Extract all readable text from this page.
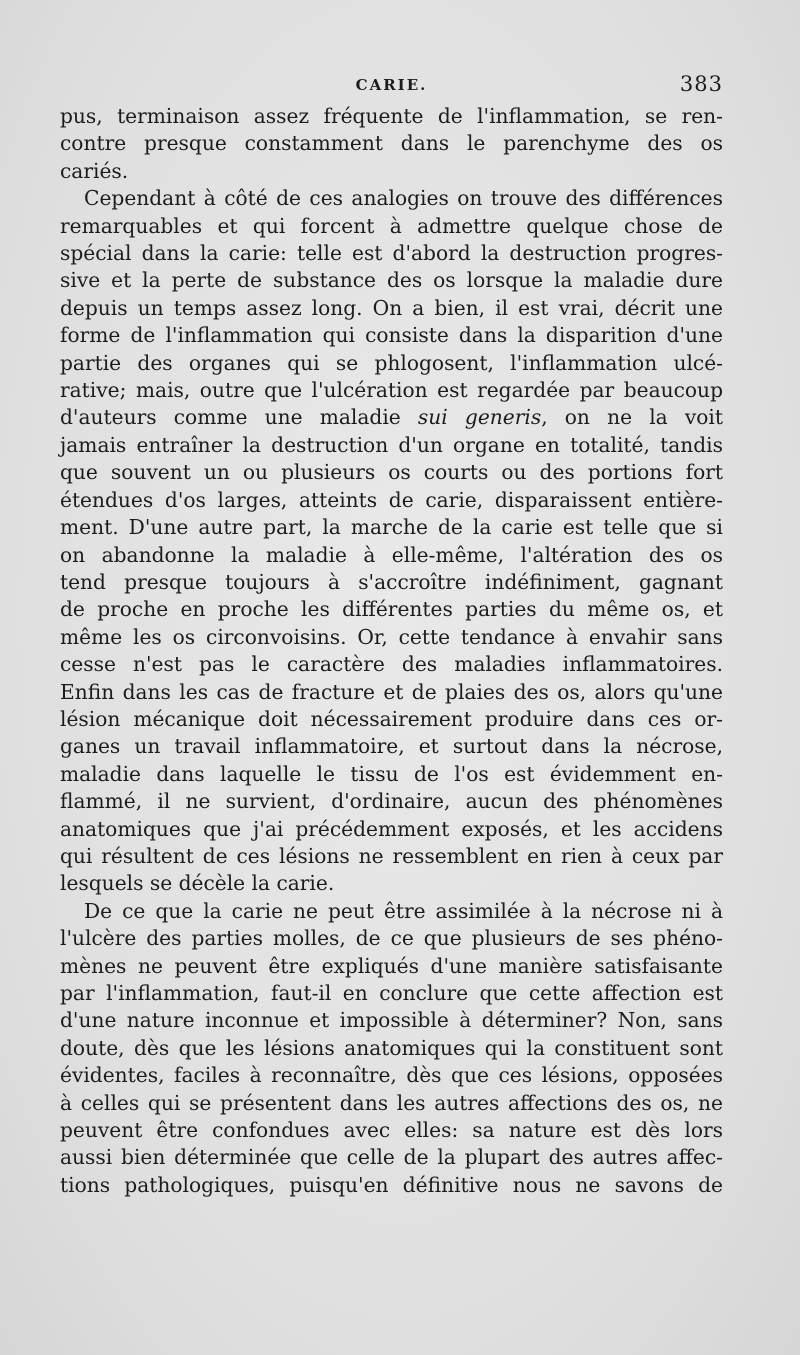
CARIE.	383

pus, terminaison assez fréquente de l'inflammation, se ren-
contre presque constamment dans le parenchyme des os
cariés.

Cependant à côté de ces analogies on trouve des différences
remarquables et qui forcent à admettre quelque chose de
spécial dans la carie: telle est d'abord la destruction progres-
sive et la perte de substance des os lorsque la maladie dure
depuis un temps assez long. On a bien, il est vrai, décrit une
forme de l'inflammation qui consiste dans la disparition d'une
partie des organes qui se phlogosent, l'inflammation ulcé-
rative; mais, outre que l'ulcération est regardée par beaucoup
d'auteurs comme une maladie sui generis, on ne la voit
jamais entraîner la destruction d'un organe en totalité, tandis
que souvent un ou plusieurs os courts ou des portions fort
étendues d'os larges, atteints de carie, disparaissent entière-
ment. D'une autre part, la marche de la carie est telle que si
on abandonne la maladie à elle-même, l'altération des os
tend presque toujours à s'accroître indéfiniment, gagnant
de proche en proche les différentes parties du même os, et
même les os circonvoisins. Or, cette tendance à envahir sans
cesse n'est pas le caractère des maladies inflammatoires.
Enfin dans les cas de fracture et de plaies des os, alors qu'une
lésion mécanique doit nécessairement produire dans ces or-
ganes un travail inflammatoire, et surtout dans la nécrose,
maladie dans laquelle le tissu de l'os est évidemment en-
flammé, il ne survient, d'ordinaire, aucun des phénomènes
anatomiques que j'ai précédemment exposés, et les accidens
qui résultent de ces lésions ne ressemblent en rien à ceux par
lesquels se décèle la carie.

De ce que la carie ne peut être assimilée à la nécrose ni à
l'ulcère des parties molles, de ce que plusieurs de ses phéno-
mènes ne peuvent être expliqués d'une manière satisfaisante
par l'inflammation, faut-il en conclure que cette affection est
d'une nature inconnue et impossible à déterminer? Non, sans
doute, dès que les lésions anatomiques qui la constituent sont
évidentes, faciles à reconnaître, dès que ces lésions, opposées
à celles qui se présentent dans les autres affections des os, ne
peuvent être confondues avec elles: sa nature est dès lors
aussi bien déterminée que celle de la plupart des autres affec-
tions pathologiques, puisqu'en définitive nous ne savons de
